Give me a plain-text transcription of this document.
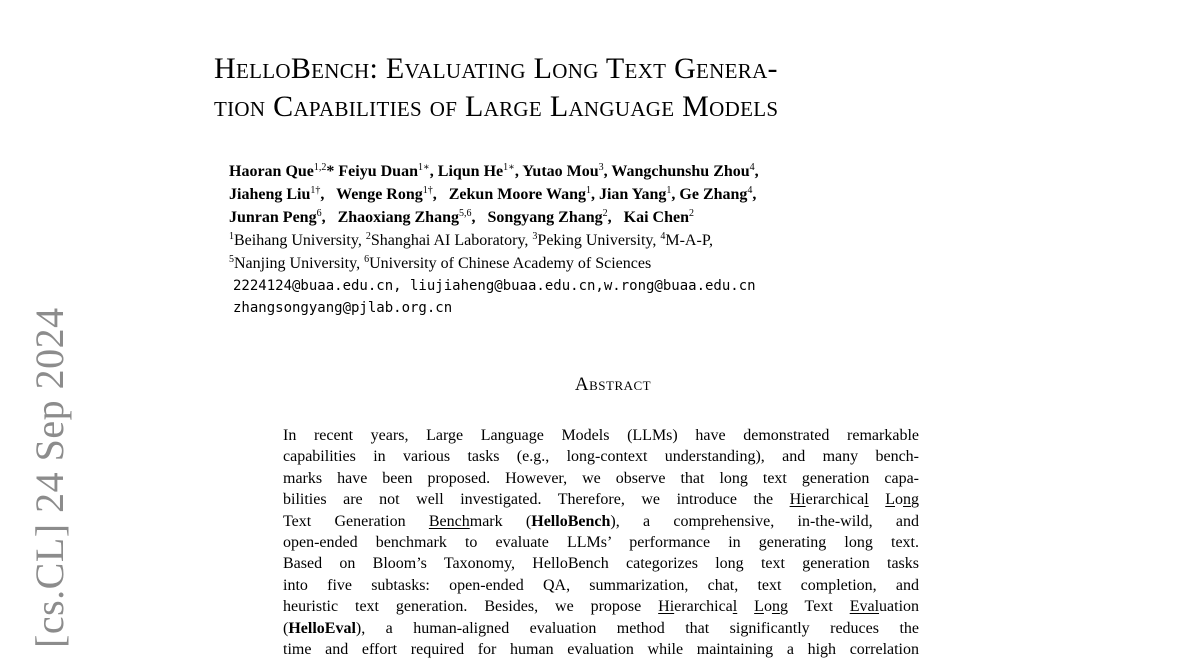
[cs.CL] 24 Sep 2024
HelloBench: Evaluating Long Text Genera-
tion Capabilities of Large Language Models
Haoran Que$^{1,2}$* Feiyu Duan$^{1∗}$, Liqun $He^{1∗}$, Yutao Mou$^3$, Wangchunshu Zhou$^4$,
Jiaheng Liu$^{1\dagger}$,   Wenge Rong$^{1\dagger}$,   Zekun Moore Wang$^1$, Jian Yang$^1$, Ge Zhang$^4$,
Junran Peng$^6$,   Zhaoxiang Zhang$^{5,6}$,   Songyang Zhang$^2$,   Kai Chen$^2$
$^1$Beihang University, $^2$Shanghai AI Laboratory, $^3$Peking University, $^4$M-A-P,
$^5$Nanjing University, $^6$University of Chinese Academy of Sciences
2224124@buaa.edu.cn, liujiaheng@buaa.edu.cn,w.rong@buaa.edu.cn
zhangsongyang@pjlab.org.cn
Abstract
In recent years, Large Language Models (LLMs) have demonstrated remarkable
capabilities in various tasks (e.g., long-context understanding), and many bench-
marks have been proposed. However, we observe that long text generation capa-
bilities are not well investigated. Therefore, we introduce the Hierarchical Long
Text Generation Benchmark (HelloBench), a comprehensive, in-the-wild, and
open-ended benchmark to evaluate LLMs’ performance in generating long text.
Based on Bloom’s Taxonomy, HelloBench categorizes long text generation tasks
into five subtasks: open-ended QA, summarization, chat, text completion, and
heuristic text generation. Besides, we propose Hierarchical Long Text Evaluation
(HelloEval), a human-aligned evaluation method that significantly reduces the
time and effort required for human evaluation while maintaining a high correlation
